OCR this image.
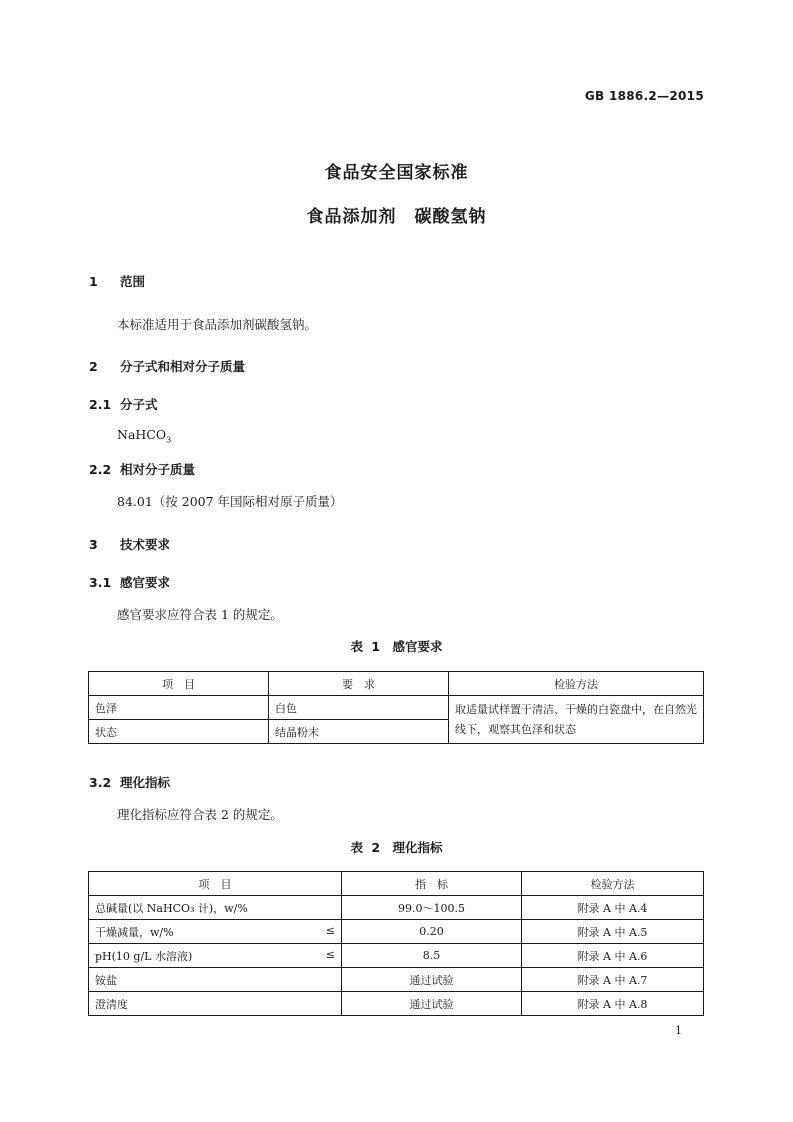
GB 1886.2—2015
食品安全国家标准
食品添加剂　碳酸氢钠
1 范围
本标准适用于食品添加剂碳酸氢钠。
2 分子式和相对分子质量
2.1 分子式
NaHCO$_3$
2.2 相对分子质量
84.01（按 2007 年国际相对原子质量）
3 技术要求
3.1 感官要求
感官要求应符合表 1 的规定。
表 1　感官要求
项　目	要　求	检验方法
色泽	白色	取适量试样置于清洁、干燥的白瓷盘中，在自然光线下，观察其色泽和状态
状态	结晶粉末	
3.2 理化指标
理化指标应符合表 2 的规定。
表 2　理化指标
项　目	指　标	检验方法

总碱量(以 NaHCO₃ 计)，w/%	99.0～100.5	附录 A 中 A.4

干燥减量，w/% ≤	0.20	附录 A 中 A.5

pH(10 g/L 水溶液) ≤	8.5	附录 A 中 A.6

铵盐	通过试验	附录 A 中 A.7

澄清度	通过试验	附录 A 中 A.8
1
